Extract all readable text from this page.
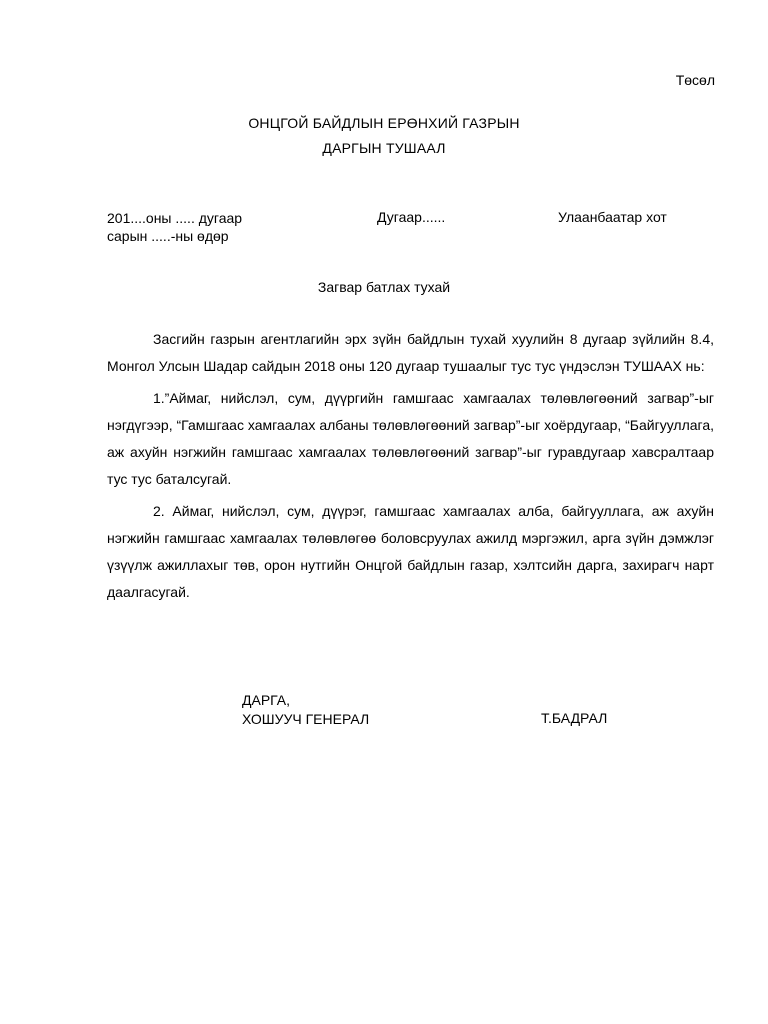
Төсөл
ОНЦГОЙ БАЙДЛЫН ЕРӨНХИЙ ГАЗРЫН
ДАРГЫН ТУШААЛ
201....оны ..... дугаар
сарын .....-ны өдөр
Дугаар......	Улаанбаатар хот
Загвар батлах тухай

Засгийн газрын агентлагийн эрх зүйн байдлын тухай хуулийн 8 дугаар зүйлийн 8.4, Монгол Улсын Шадар сайдын 2018 оны 120 дугаар тушаалыг тус тус үндэслэн ТУШААХ нь:

1.”Аймаг, нийслэл, сум, дүүргийн гамшгаас хамгаалах төлөвлөгөөний загвар”-ыг нэгдүгээр, “Гамшгаас хамгаалах албаны төлөвлөгөөний загвар”-ыг хоёрдугаар, “Байгууллага, аж ахуйн нэгжийн гамшгаас хамгаалах төлөвлөгөөний загвар”-ыг гуравдугаар хавсралтаар тус тус баталсугай.

2. Аймаг, нийслэл, сум, дүүрэг, гамшгаас хамгаалах алба, байгууллага, аж ахуйн нэгжийн гамшгаас хамгаалах төлөвлөгөө боловсруулах ажилд мэргэжил, арга зүйн дэмжлэг үзүүлж ажиллахыг төв, орон нутгийн Онцгой байдлын газар, хэлтсийн дарга, захирагч нарт даалгасугай.

ДАРГА,
ХОШУУЧ ГЕНЕРАЛ	Т.БАДРАЛ
